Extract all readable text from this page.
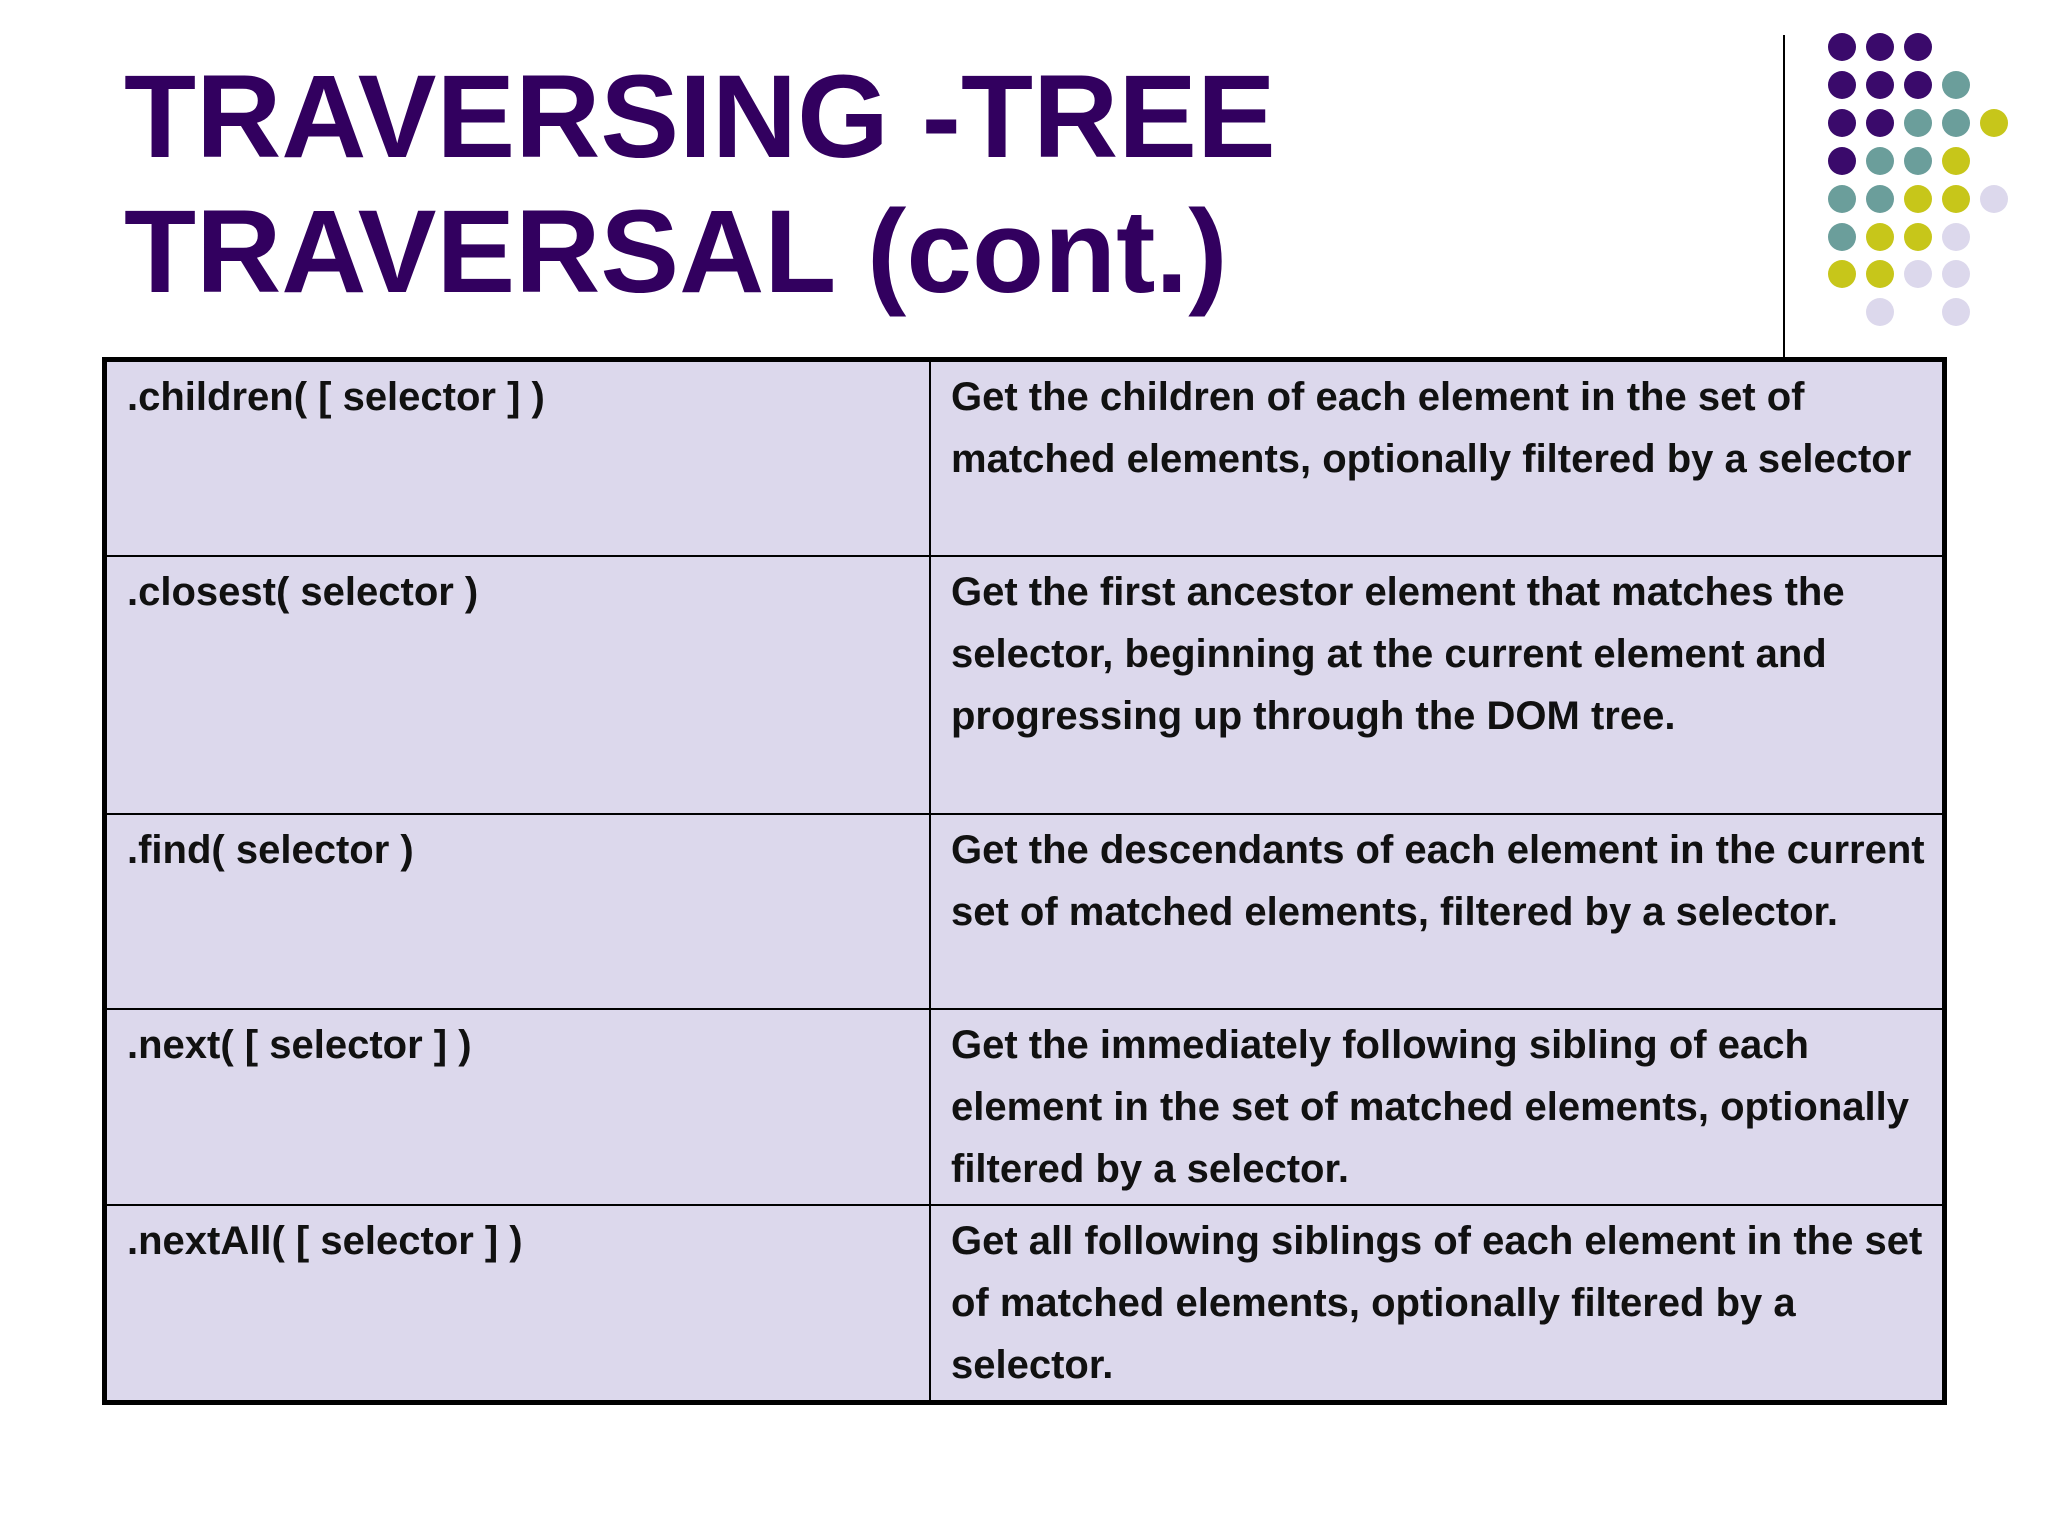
TRAVERSING -TREE
TRAVERSAL (cont.)
.children( [ selector ] )	Get the children of each element in the set of matched elements, optionally filtered by a selector
.closest( selector )	Get the first ancestor element that matches the selector, beginning at the current element and progressing up through the DOM tree.
.find( selector )	Get the descendants of each element in the current set of matched elements, filtered by a selector.
.next( [ selector ] )	Get the immediately following sibling of each element in the set of matched elements, optionally filtered by a selector.
.nextAll( [ selector ] )	Get all following siblings of each element in the set of matched elements, optionally filtered by a selector.
